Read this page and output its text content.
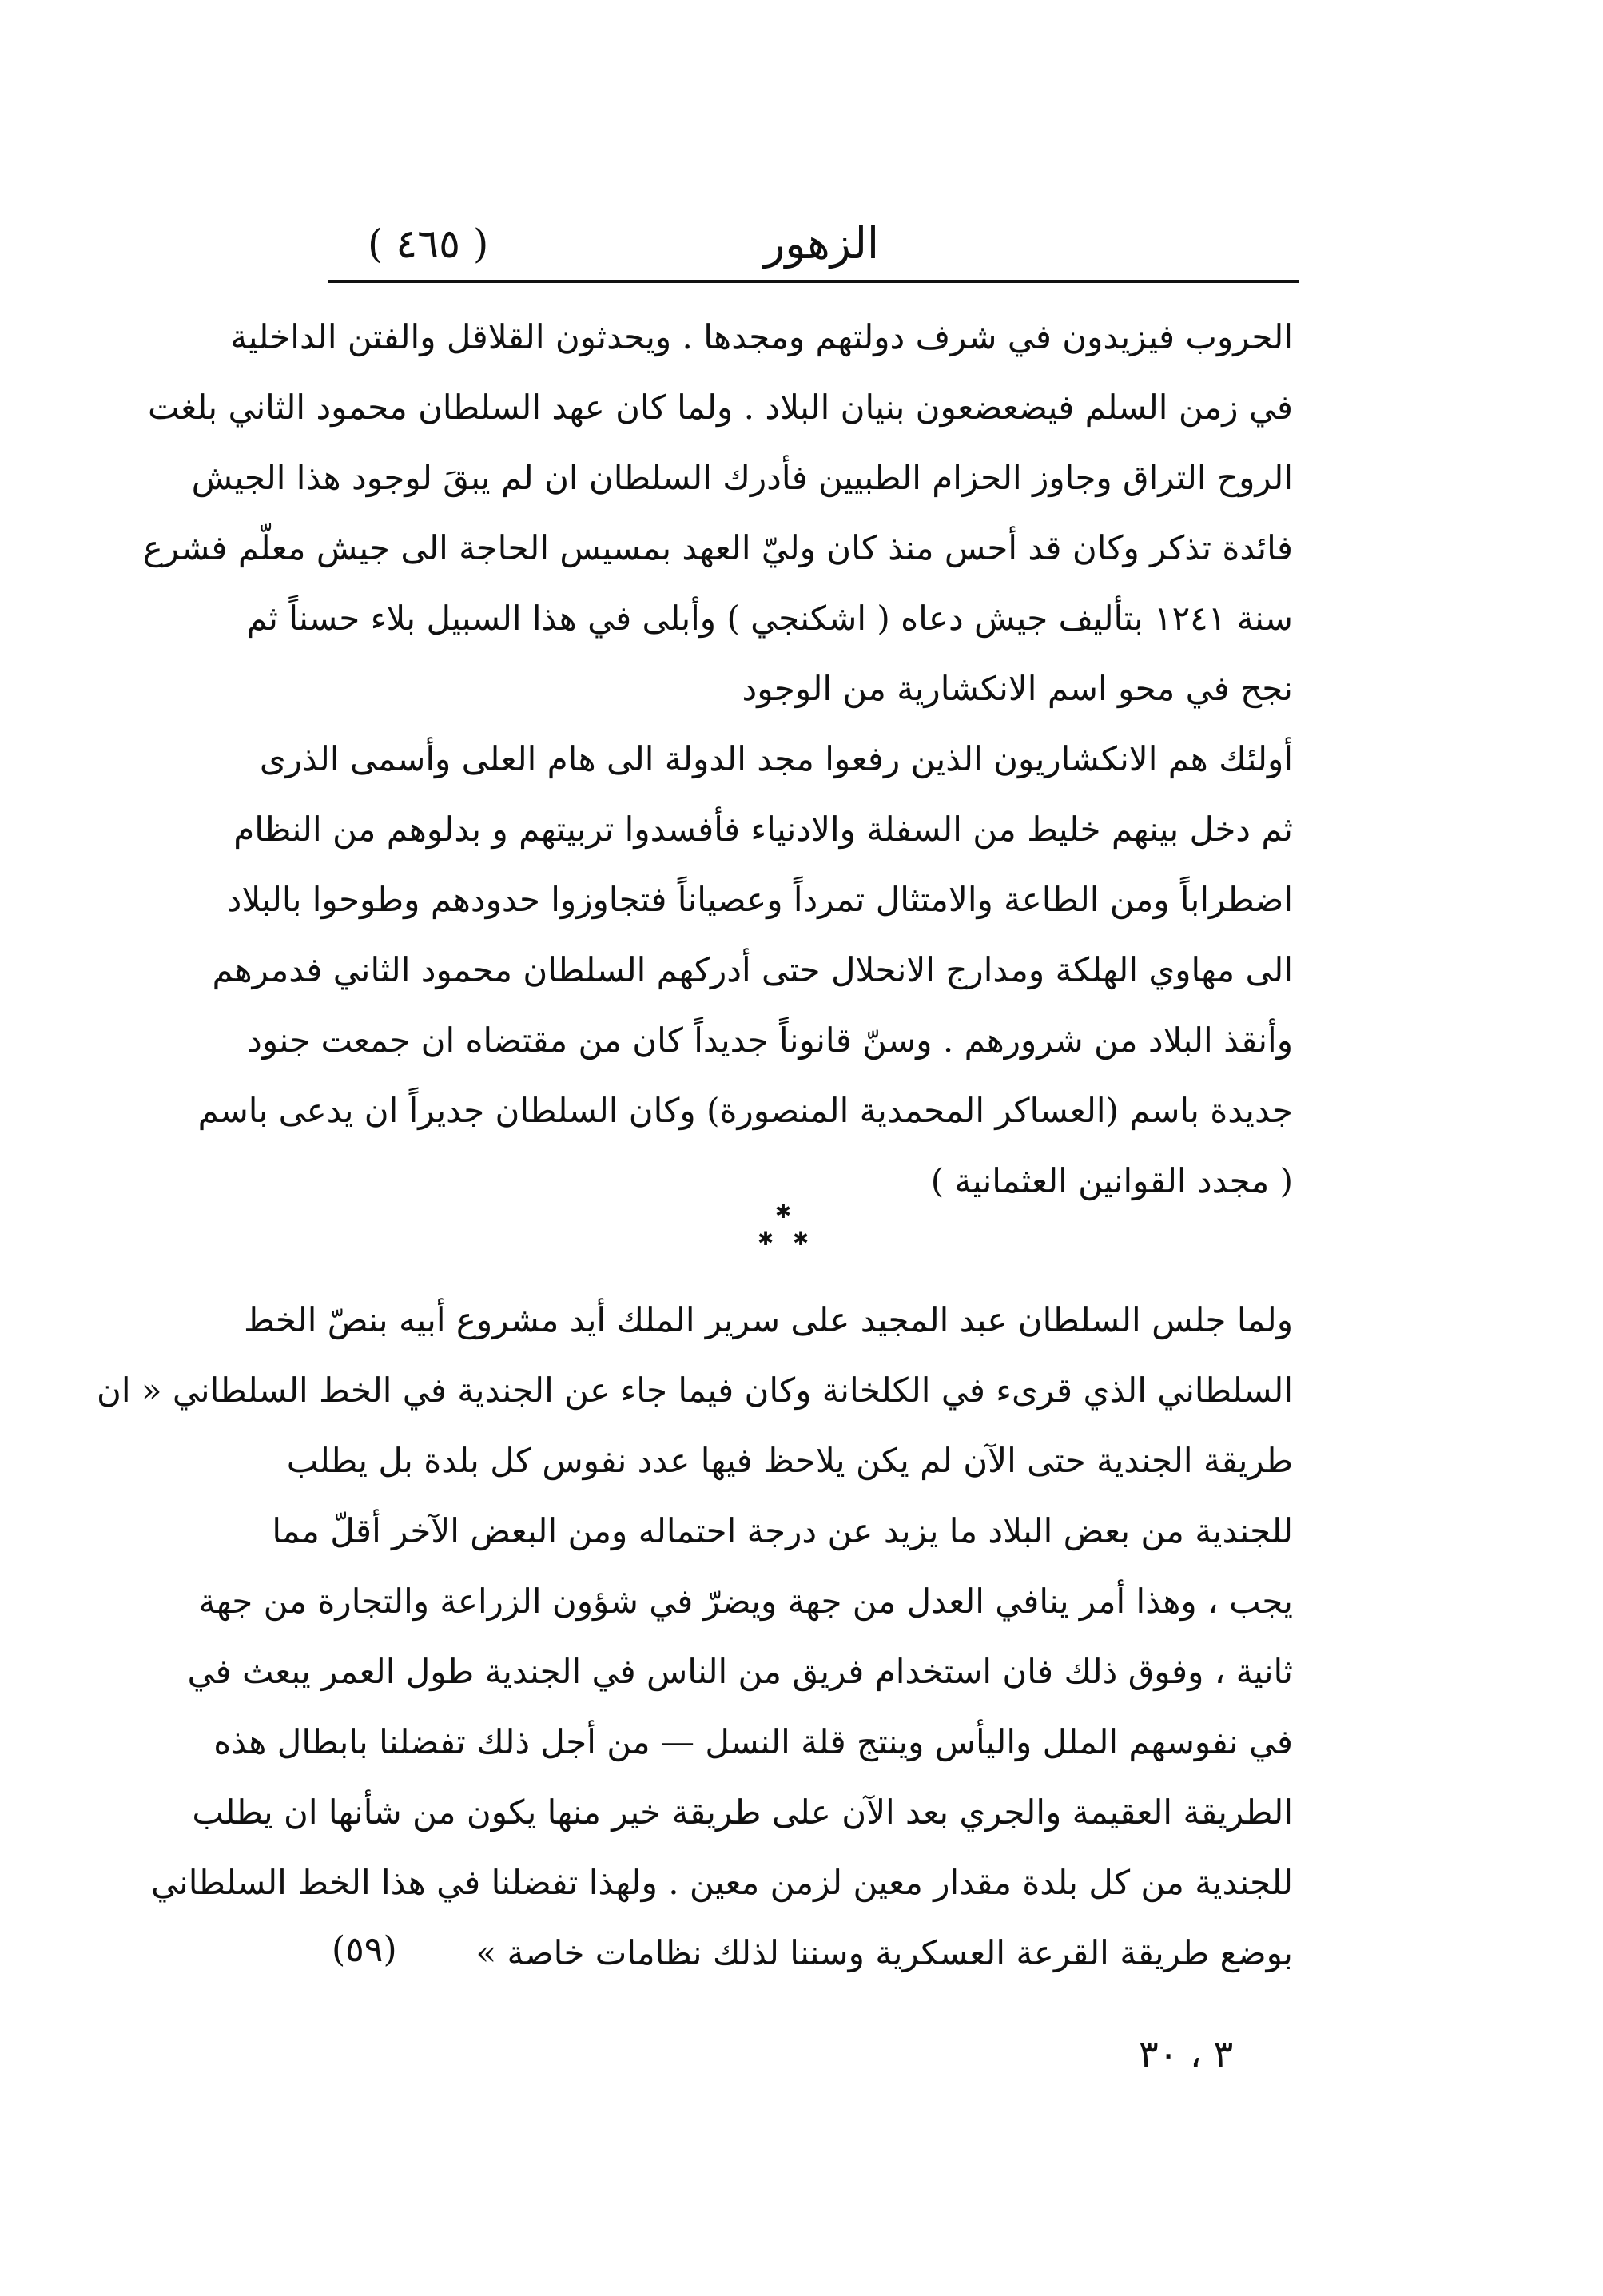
الزهور
( ٤٦٥ )
الحروب فيزيدون في شرف دولتهم ومجدها . ويحدثون القلاقل والفتن الداخلية
في زمن السلم فيضعضعون بنيان البلاد . ولما كان عهد السلطان محمود الثاني بلغت
الروح التراق وجاوز الحزام الطبيين فأدرك السلطان ان لم يبقَ لوجود هذا الجيش
فائدة تذكر وكان قد أحس منذ كان وليّ العهد بمسيس الحاجة الى جيش معلّم فشرع
سنة ١٢٤١ بتأليف جيش دعاه ( اشكنجي ) وأبلى في هذا السبيل بلاء حسناً ثم
نجح في محو اسم الانكشارية من الوجود
أولئك هم الانكشاريون الذين رفعوا مجد الدولة الى هام العلى وأسمى الذرى
ثم دخل بينهم خليط من السفلة والادنياء فأفسدوا تربيتهم و بدلوهم من النظام
اضطراباً ومن الطاعة والامتثال تمرداً وعصياناً فتجاوزوا حدودهم وطوحوا بالبلاد
الى مهاوي الهلكة ومدارج الانحلال حتى أدركهم السلطان محمود الثاني فدمرهم
وأنقذ البلاد من شرورهم . وسنّ قانوناً جديداً كان من مقتضاه ان جمعت جنود
جديدة باسم (العساكر المحمدية المنصورة) وكان السلطان جديراً ان يدعى باسم
( مجدد القوانين العثمانية )
✱
✱ ✱
ولما جلس السلطان عبد المجيد على سرير الملك أيد مشروع أبيه بنصّ الخط
السلطاني الذي قرىء في الكلخانة وكان فيما جاء عن الجندية في الخط السلطاني « ان
طريقة الجندية حتى الآن لم يكن يلاحظ فيها عدد نفوس كل بلدة بل يطلب
للجندية من بعض البلاد ما يزيد عن درجة احتماله ومن البعض الآخر أقلّ مما
يجب ، وهذا أمر ينافي العدل من جهة ويضرّ في شؤون الزراعة والتجارة من جهة
ثانية ، وفوق ذلك فان استخدام فريق من الناس في الجندية طول العمر يبعث في
في نفوسهم الملل واليأس وينتج قلة النسل — من أجل ذلك تفضلنا بابطال هذه
الطريقة العقيمة والجري بعد الآن على طريقة خير منها يكون من شأنها ان يطلب
للجندية من كل بلدة مقدار معين لزمن معين . ولهذا تفضلنا في هذا الخط السلطاني
بوضع طريقة القرعة العسكرية وسننا لذلك نظامات خاصة »
(٥٩)
٣ ، ٣٠
